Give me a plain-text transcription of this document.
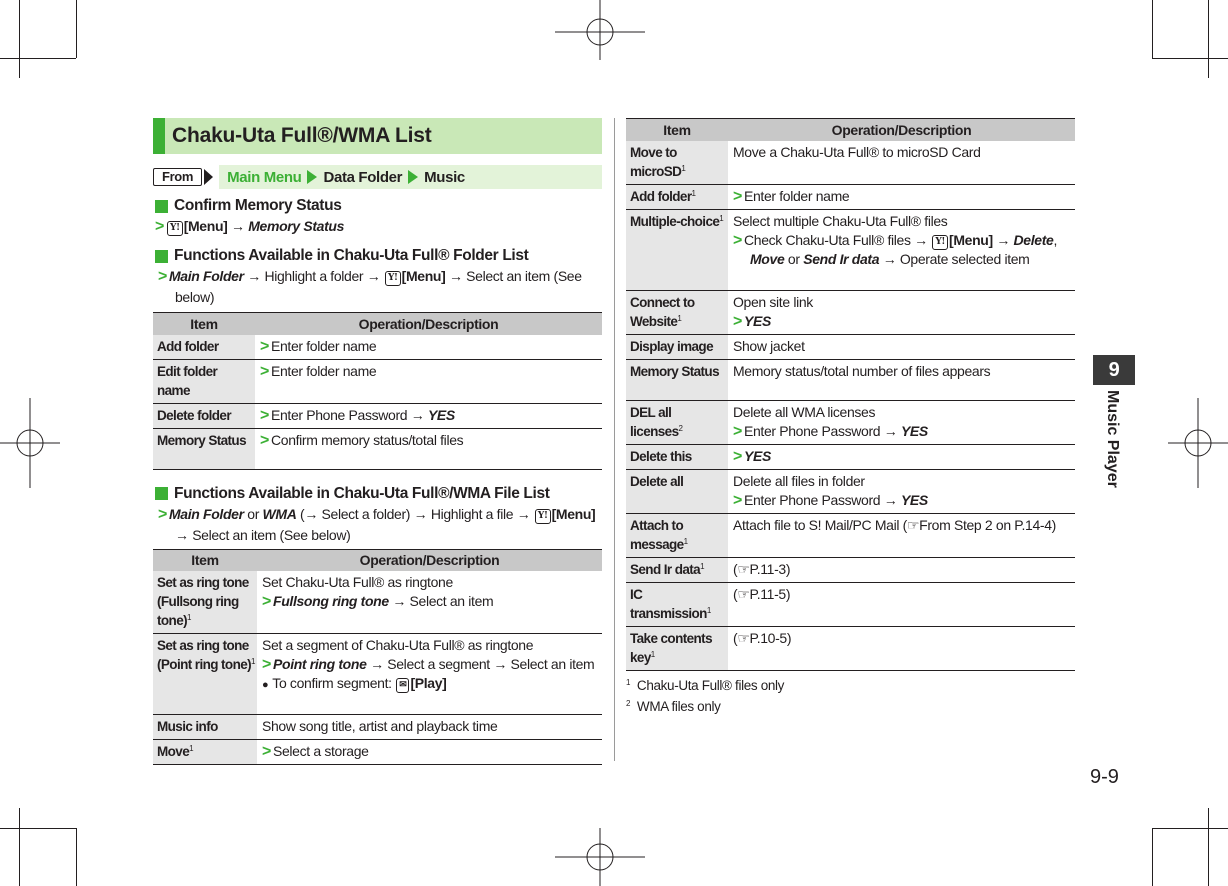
Chaku-Uta Full®/WMA List
From	Main Menu Data Folder Music
Confirm Memory Status
> Y! [Menu] → Memory Status
Functions Available in Chaku-Uta Full® Folder List
> Main Folder → Highlight a folder → Y! [Menu] → Select an item (See below)
Item	Operation/Description
Add folder	> Enter folder name

Edit folder name	> Enter folder name

Delete folder	> Enter Phone Password → YES

Memory Status	> Confirm memory status/total files
Functions Available in Chaku-Uta Full®/WMA File List
> Main Folder or WMA (→ Select a folder) → Highlight a file → Y! [Menu] → Select an item (See below)
Item	Operation/Description
Set as ring tone (Fullsong ring tone)$^1$	Set Chaku-Uta Full® as ringtone
> Fullsong ring tone → Select an item

Set as ring tone (Point ring tone)$^1$	Set a segment of Chaku-Uta Full® as ringtone
> Point ring tone → Select a segment → Select an item
● To confirm segment: ✉ [Play]

Music info	Show song title, artist and playback time

Move$^1$	> Select a storage
Item	Operation/Description
Move to microSD$^1$	Move a Chaku-Uta Full® to microSD Card

Add folder$^1$	> Enter folder name

Multiple-choice$^1$	Select multiple Chaku-Uta Full® files
> Check Chaku-Uta Full® files → Y! [Menu] → Delete, Move or Send Ir data → Operate selected item

Connect to Website$^1$	Open site link
> YES

Display image	Show jacket

Memory Status	Memory status/total number of files appears

DEL all licenses$^2$	Delete all WMA licenses
> Enter Phone Password → YES

Delete this	> YES

Delete all	Delete all files in folder
> Enter Phone Password → YES

Attach to message$^1$	Attach file to S! Mail/PC Mail (☞From Step 2 on P.14-4)

Send Ir data$^1$	(☞P.11-3)

IC transmission$^1$	(☞P.11-5)

Take contents key$^1$	(☞P.10-5)
$^1$ Chaku-Uta Full® files only
$^2$ WMA files only
9
Music Player
9-9
